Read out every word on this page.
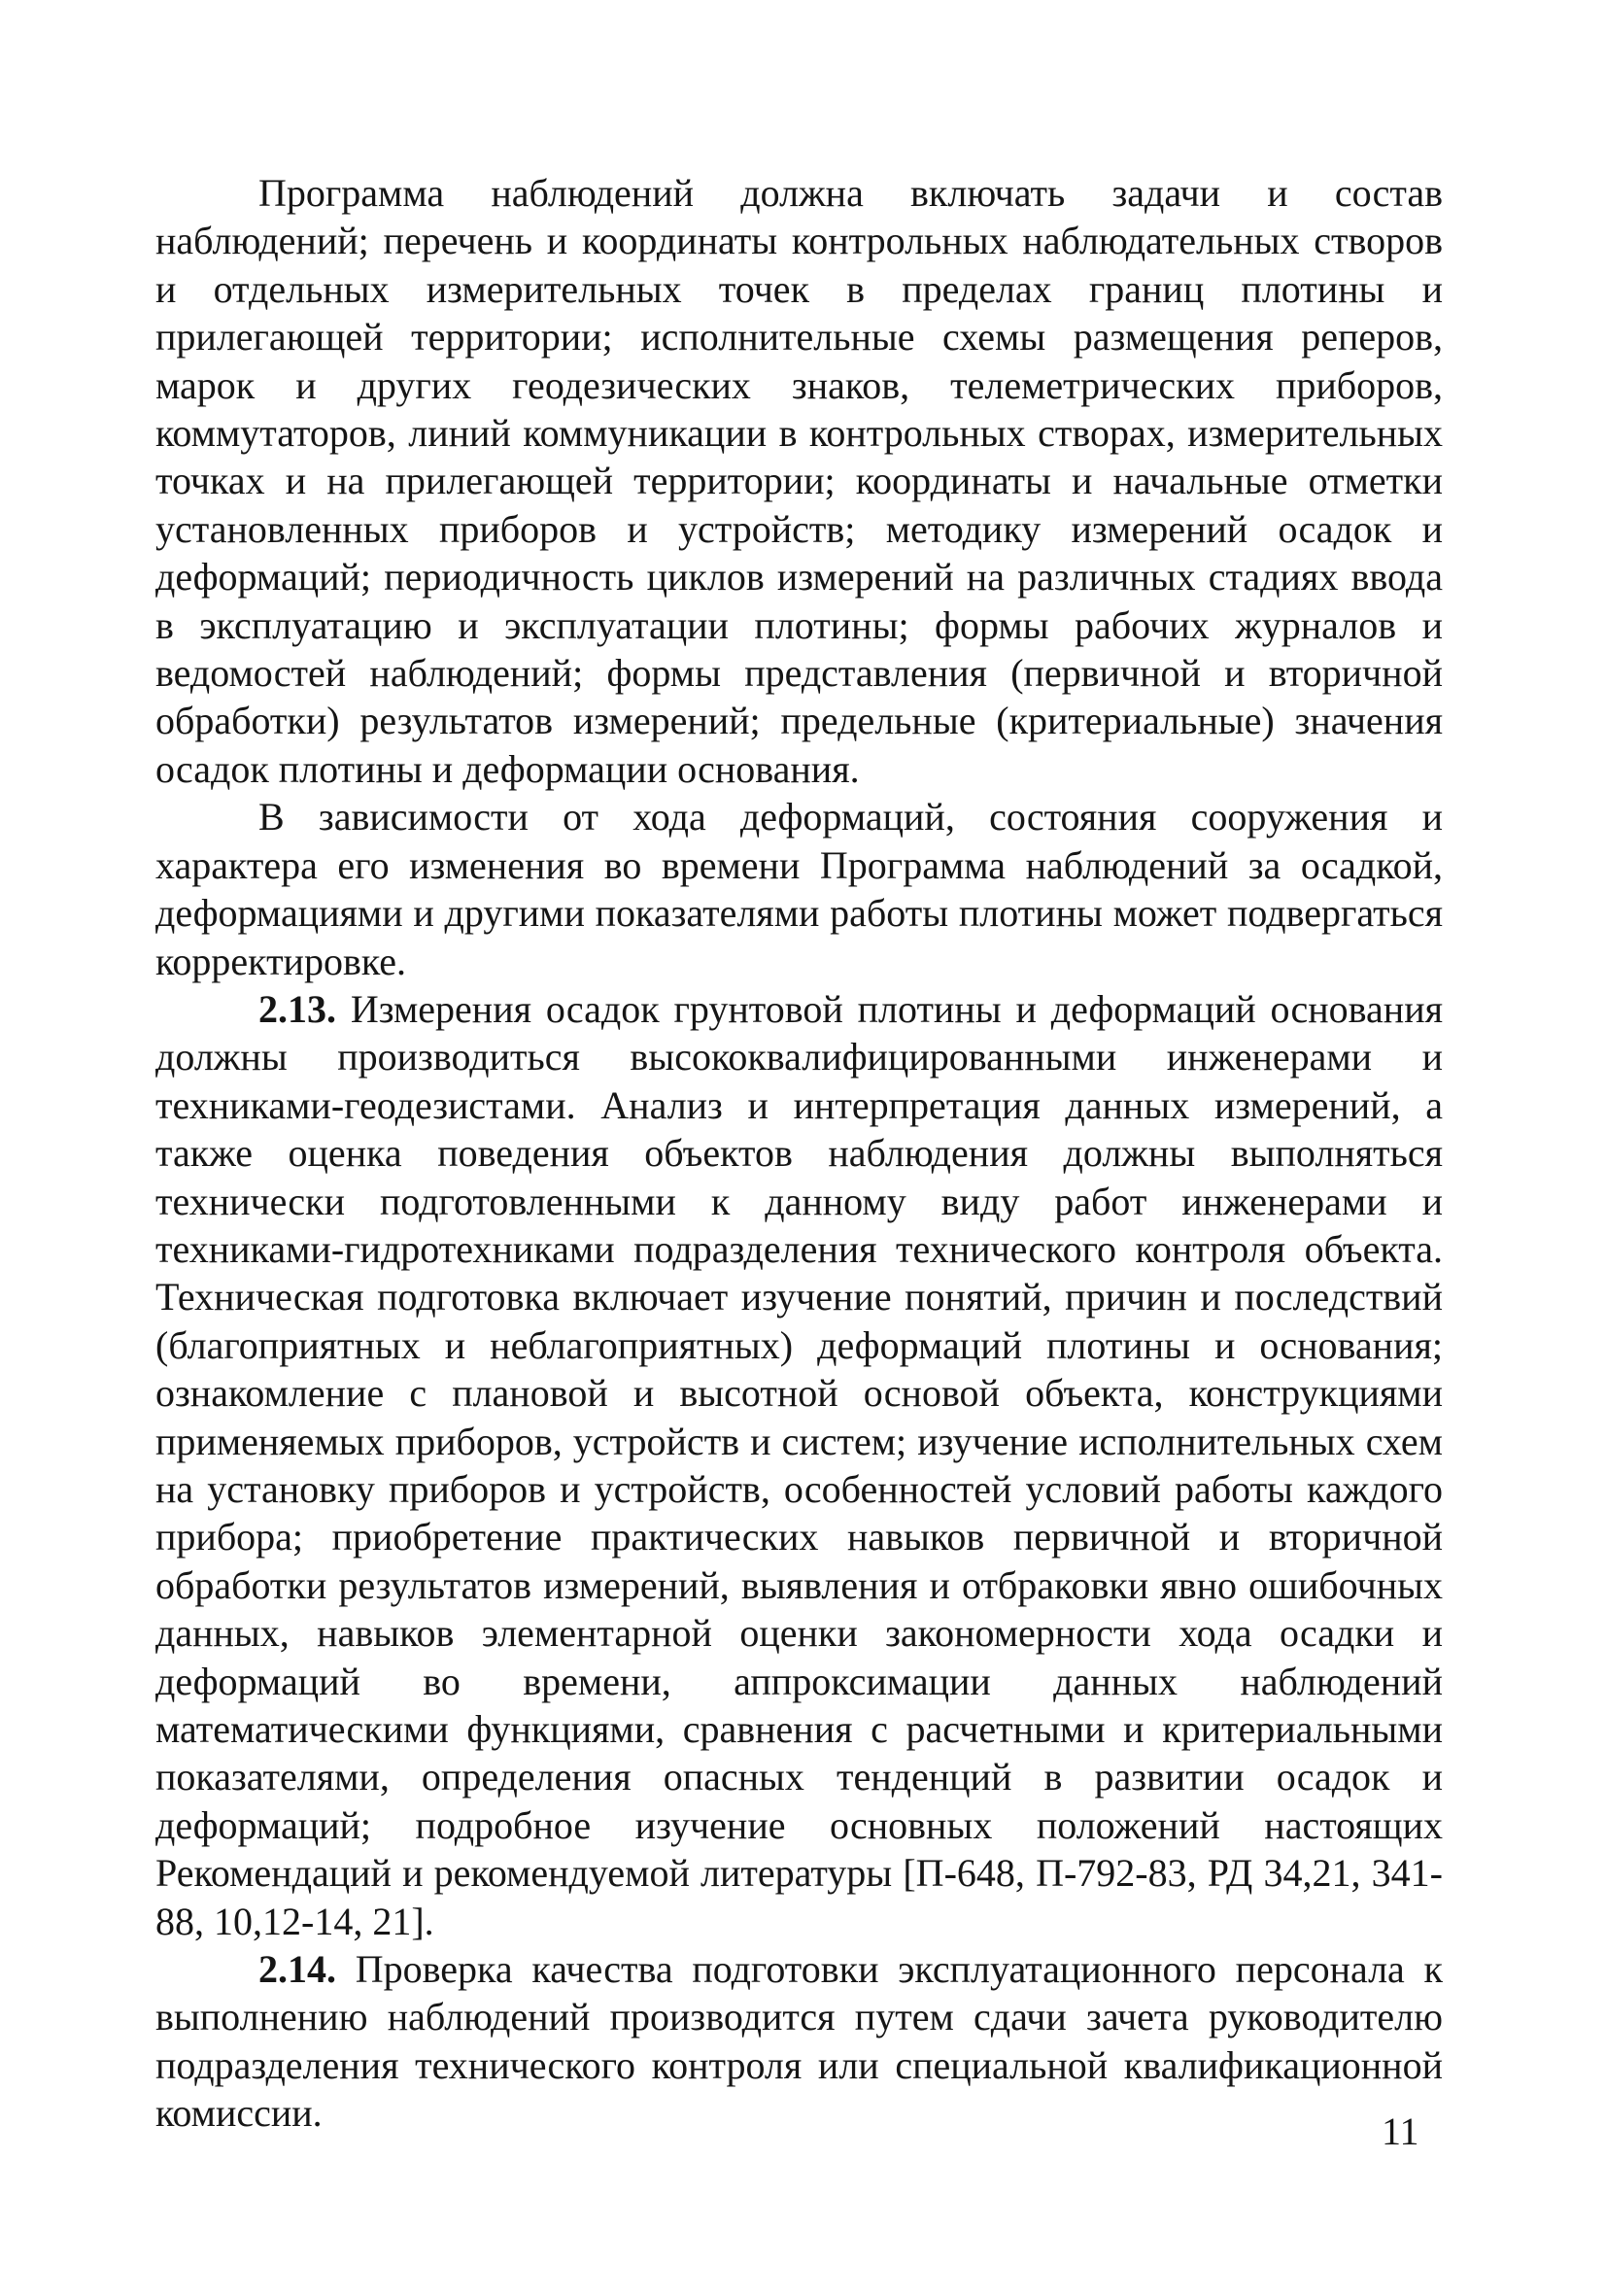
Программа наблюдений должна включать задачи и состав наблюдений; перечень и координаты контрольных наблюдательных створов и отдельных измерительных точек в пределах границ плотины и прилегающей территории; исполнительные схемы размещения реперов, марок и других геодезических знаков, телеметрических приборов, коммутаторов, линий коммуникации в контрольных створах, измерительных точках и на прилегающей территории; координаты и начальные отметки установленных приборов и устройств; методику измерений осадок и деформаций; периодичность циклов измерений на различных стадиях ввода в эксплуатацию и эксплуатации плотины; формы рабочих журналов и ведомостей наблюдений; формы представления (первичной и вторичной обработки) результатов измерений; предельные (критериальные) значения осадок плотины и деформации основания.

В зависимости от хода деформаций, состояния сооружения и характера его изменения во времени Программа наблюдений за осадкой, деформациями и другими показателями работы плотины может подвергаться корректировке.

2.13. Измерения осадок грунтовой плотины и деформаций основания должны производиться высококвалифицированными инженерами и техниками-геодезистами. Анализ и интерпретация данных измерений, а также оценка поведения объектов наблюдения должны выполняться технически подготовленными к данному виду работ инженерами и техниками-гидротехниками подразделения технического контроля объекта. Техническая подготовка включает изучение понятий, причин и последствий (благоприятных и неблагоприятных) деформаций плотины и основания; ознакомление с плановой и высотной основой объекта, конструкциями применяемых приборов, устройств и систем; изучение исполнительных схем на установку приборов и устройств, особенностей условий работы каждого прибора; приобретение практических навыков первичной и вторичной обработки результатов измерений, выявления и отбраковки явно ошибочных данных, навыков элементарной оценки закономерности хода осадки и деформаций во времени, аппроксимации данных наблюдений математическими функциями, сравнения с расчетными и критериальными показателями, определения опасных тенденций в развитии осадок и деформаций; подробное изучение основных положений настоящих Рекомендаций и рекомендуемой литературы [П-648, П-792-83, РД 34,21, 341-88, 10,12-14, 21].

2.14. Проверка качества подготовки эксплуатационного персонала к выполнению наблюдений производится путем сдачи зачета руководителю подразделения технического контроля или специальной квалификационной комиссии.	11
